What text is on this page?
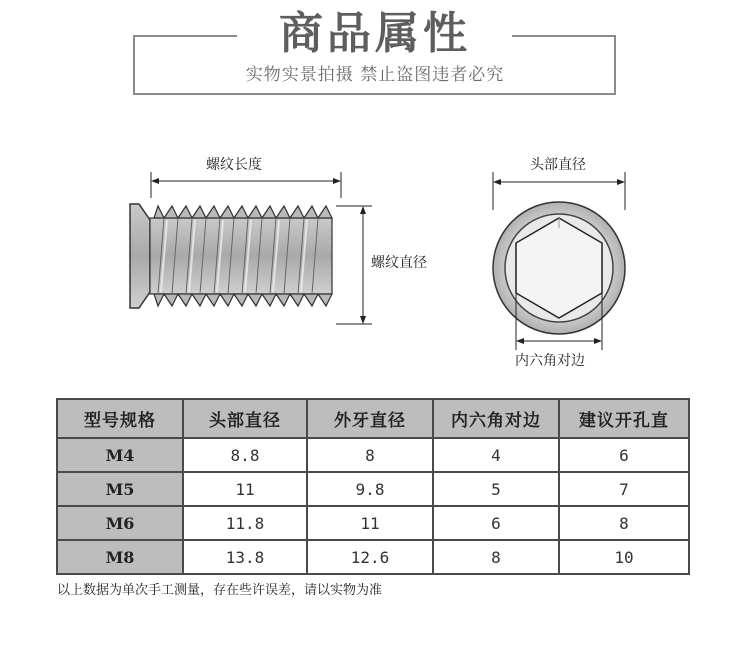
商品属性
实物实景拍摄 禁止盗图违者必究
螺纹长度
螺纹直径
头部直径
内六角对边
型号规格	头部直径	外牙直径	内六角对边	建议开孔直
M4	8.8	8	4	6
M5	11	9.8	5	7
M6	11.8	11	6	8
M8	13.8	12.6	8	10
以上数据为单次手工测量，存在些许误差，请以实物为准
